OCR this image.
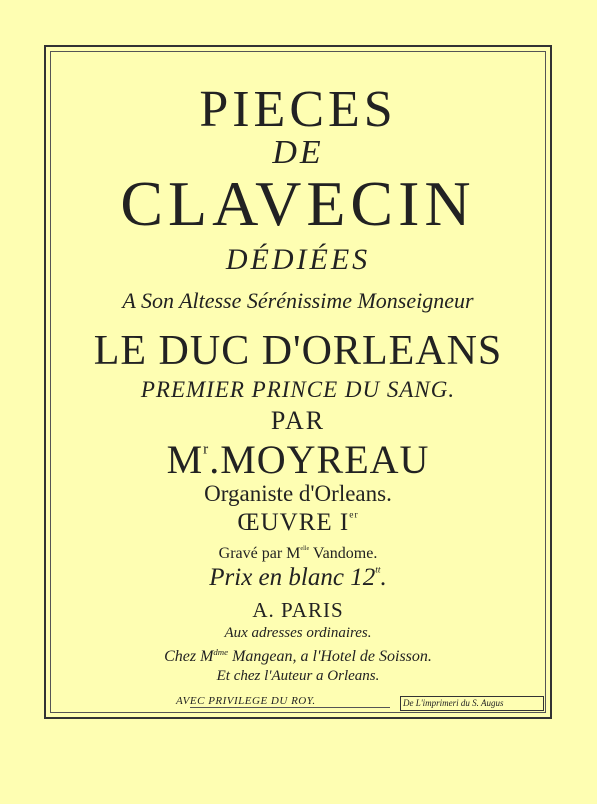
PIECES
DE
CLAVECIN
DÉDIÉES
A Son Altesse Sérénissime Monseigneur
LE DUC D'ORLEANS
PREMIER PRINCE DU SANG.
PAR
$M^r.MOYREAU$
Organiste d'Orleans.
ŒUVRE Ier
Gravé par $M^{elle}$ Vandome.
Prix en blanc $12^{tt}$.
A. PARIS
Aux adresses ordinaires.
Chez $M^{dme}$ Mangean, a l'Hotel de Soisson.
Et chez l'Auteur a Orleans.
AVEC PRIVILEGE DU ROY.	De L'imprimeri du S. Augus
